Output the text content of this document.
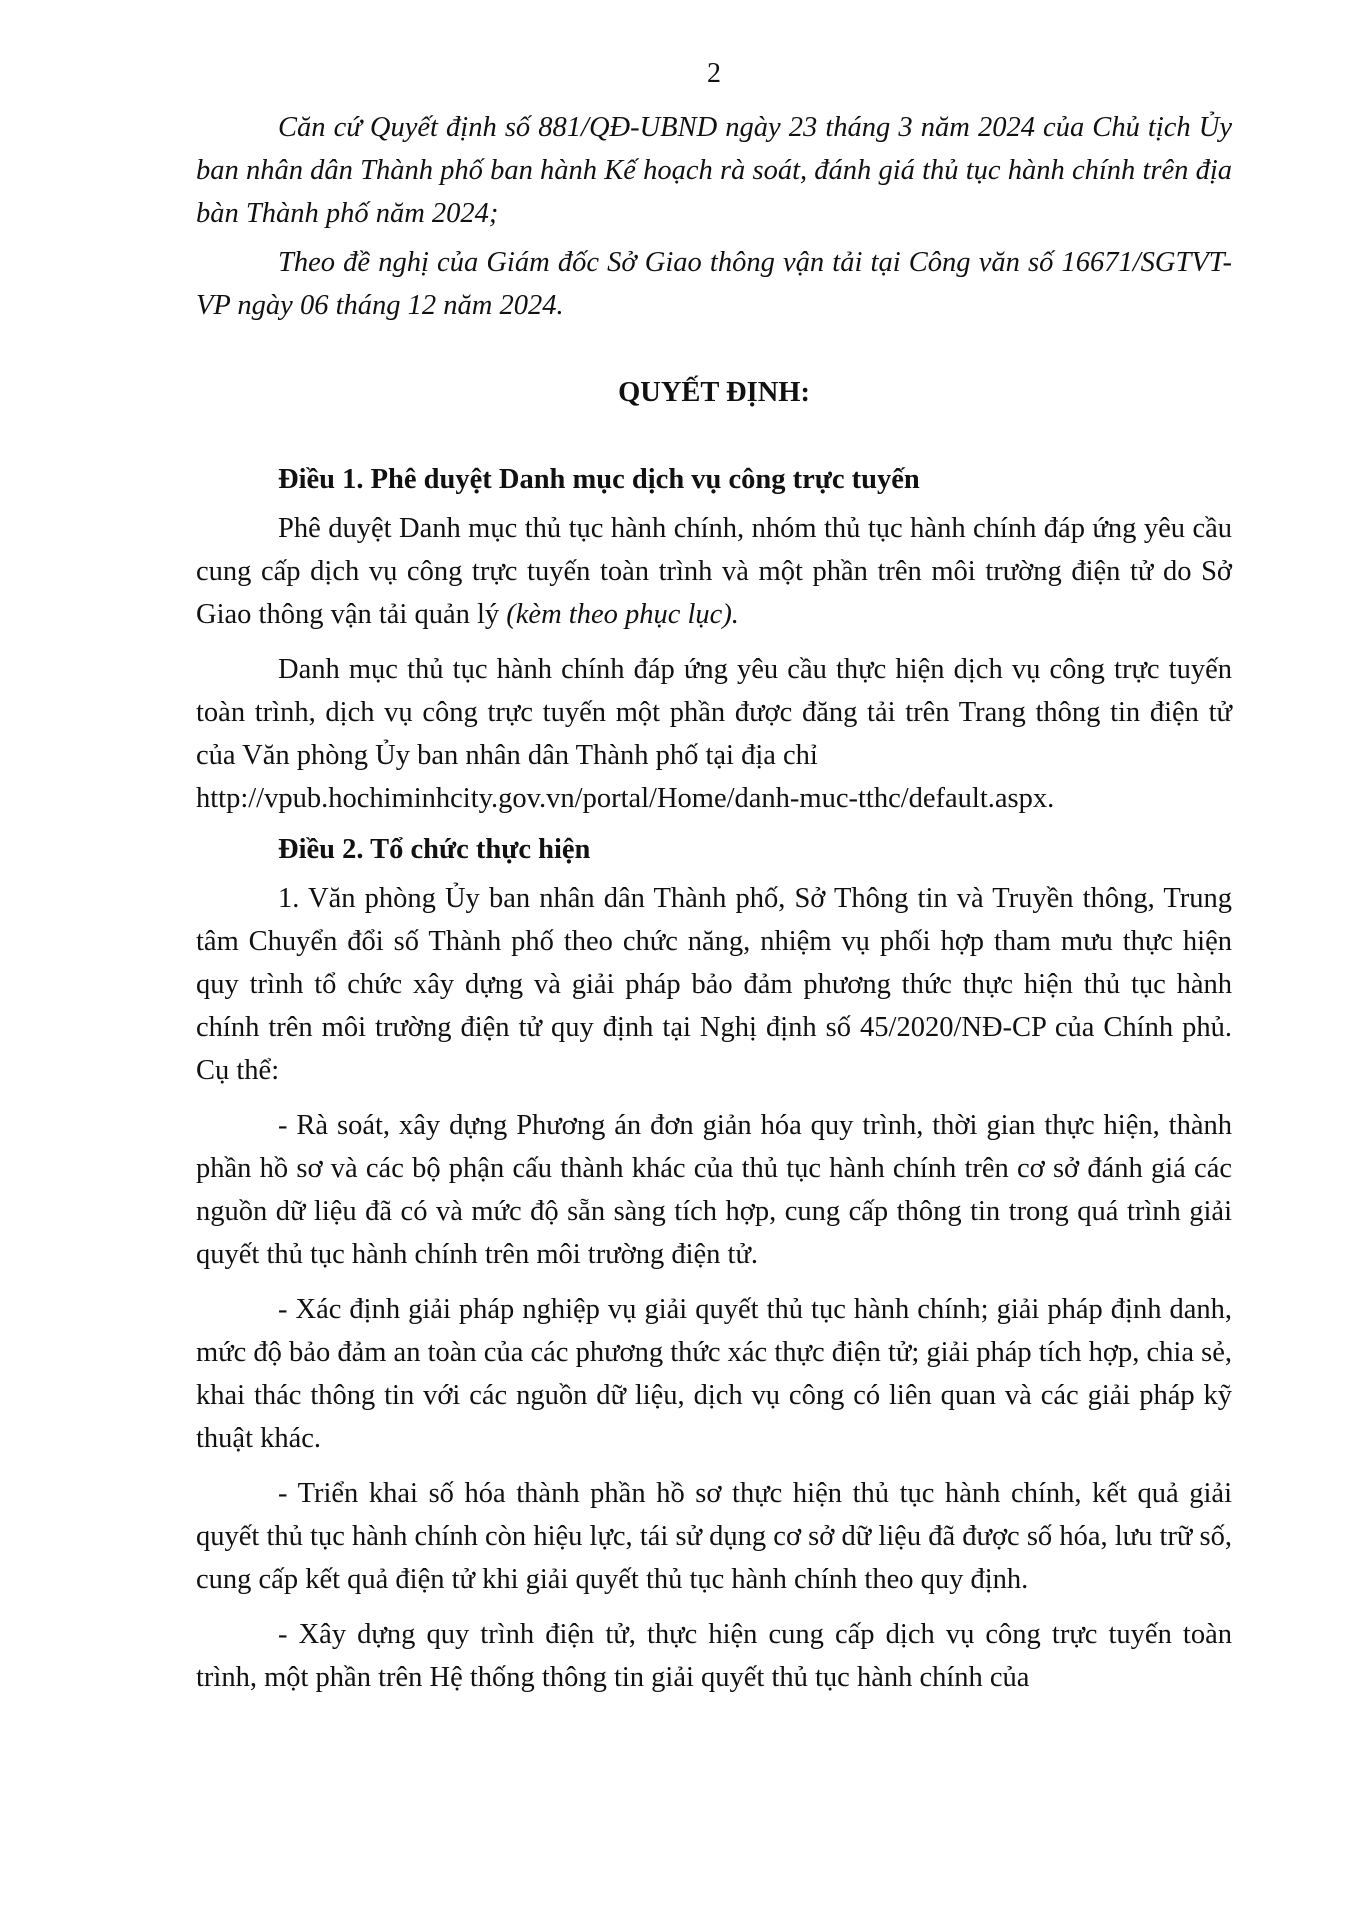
2

Căn cứ Quyết định số 881/QĐ-UBND ngày 23 tháng 3 năm 2024 của Chủ tịch Ủy ban nhân dân Thành phố ban hành Kế hoạch rà soát, đánh giá thủ tục hành chính trên địa bàn Thành phố năm 2024;

Theo đề nghị của Giám đốc Sở Giao thông vận tải tại Công văn số 16671/SGTVT-VP ngày 06 tháng 12 năm 2024.

QUYẾT ĐỊNH:

Điều 1. Phê duyệt Danh mục dịch vụ công trực tuyến

Phê duyệt Danh mục thủ tục hành chính, nhóm thủ tục hành chính đáp ứng yêu cầu cung cấp dịch vụ công trực tuyến toàn trình và một phần trên môi trường điện tử do Sở Giao thông vận tải quản lý (kèm theo phục lục).

Danh mục thủ tục hành chính đáp ứng yêu cầu thực hiện dịch vụ công trực tuyến toàn trình, dịch vụ công trực tuyến một phần được đăng tải trên Trang thông tin điện tử của Văn phòng Ủy ban nhân dân Thành phố tại địa chỉ

http://vpub.hochiminhcity.gov.vn/portal/Home/danh-muc-tthc/default.aspx.

Điều 2. Tổ chức thực hiện

1. Văn phòng Ủy ban nhân dân Thành phố, Sở Thông tin và Truyền thông, Trung tâm Chuyển đổi số Thành phố theo chức năng, nhiệm vụ phối hợp tham mưu thực hiện quy trình tổ chức xây dựng và giải pháp bảo đảm phương thức thực hiện thủ tục hành chính trên môi trường điện tử quy định tại Nghị định số 45/2020/NĐ-CP của Chính phủ. Cụ thể:

- Rà soát, xây dựng Phương án đơn giản hóa quy trình, thời gian thực hiện, thành phần hồ sơ và các bộ phận cấu thành khác của thủ tục hành chính trên cơ sở đánh giá các nguồn dữ liệu đã có và mức độ sẵn sàng tích hợp, cung cấp thông tin trong quá trình giải quyết thủ tục hành chính trên môi trường điện tử.

- Xác định giải pháp nghiệp vụ giải quyết thủ tục hành chính; giải pháp định danh, mức độ bảo đảm an toàn của các phương thức xác thực điện tử; giải pháp tích hợp, chia sẻ, khai thác thông tin với các nguồn dữ liệu, dịch vụ công có liên quan và các giải pháp kỹ thuật khác.

- Triển khai số hóa thành phần hồ sơ thực hiện thủ tục hành chính, kết quả giải quyết thủ tục hành chính còn hiệu lực, tái sử dụng cơ sở dữ liệu đã được số hóa, lưu trữ số, cung cấp kết quả điện tử khi giải quyết thủ tục hành chính theo quy định.

- Xây dựng quy trình điện tử, thực hiện cung cấp dịch vụ công trực tuyến toàn trình, một phần trên Hệ thống thông tin giải quyết thủ tục hành chính của
